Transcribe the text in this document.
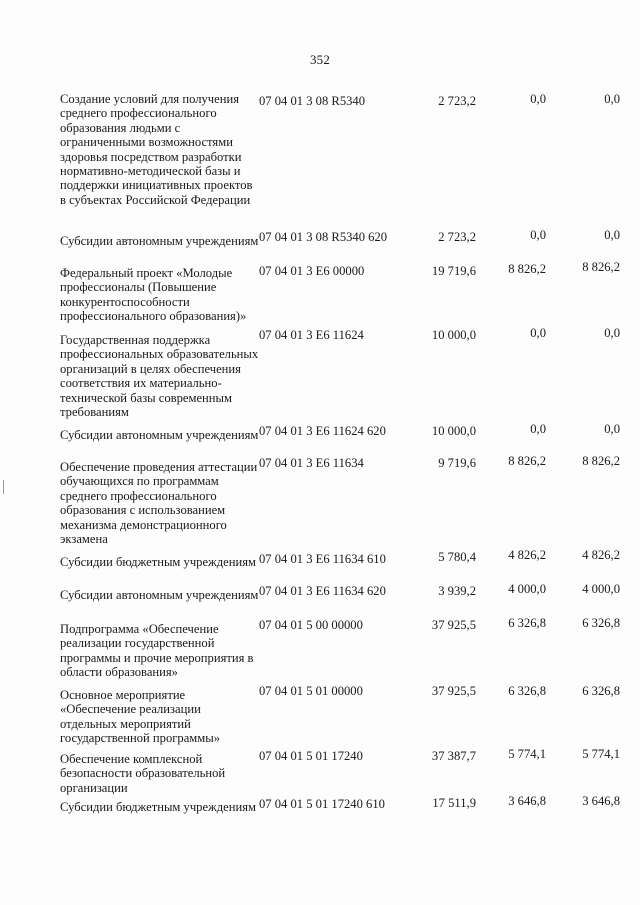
352
Создание условий для получения среднего профессионального образования людьми с ограниченными возможностями здоровья посредством разработки нормативно-методической базы и поддержки инициативных проектов в субъектах Российской Федерации
07 04 01 3 08 R5340	2 723,2	0,0	0,0
Субсидии автономным учреждениям 07 04 01 3 08 R5340 620	2 723,2	0,0	0,0
Федеральный проект «Молодые профессионалы (Повышение конкурентоспособности профессионального образования)»
07 04 01 3 E6 00000	19 719,6	8 826,2	8 826,2
Государственная поддержка профессиональных образовательных организаций в целях обеспечения соответствия их материально-технической базы современным требованиям
07 04 01 3 E6 11624	10 000,0	0,0	0,0
Субсидии автономным учреждениям 07 04 01 3 E6 11624 620	10 000,0	0,0	0,0
Обеспечение проведения аттестации обучающихся по программам среднего профессионального образования с использованием механизма демонстрационного экзамена
07 04 01 3 E6 11634	9 719,6	8 826,2	8 826,2
Субсидии бюджетным учреждениям 07 04 01 3 E6 11634 610	5 780,4	4 826,2	4 826,2
Субсидии автономным учреждениям 07 04 01 3 E6 11634 620	3 939,2	4 000,0	4 000,0
Подпрограмма «Обеспечение реализации государственной программы и прочие мероприятия в области образования»
07 04 01 5 00 00000	37 925,5	6 326,8	6 326,8
Основное мероприятие «Обеспечение реализации отдельных мероприятий государственной программы»
07 04 01 5 01 00000	37 925,5	6 326,8	6 326,8
Обеспечение комплексной безопасности образовательной организации
07 04 01 5 01 17240	37 387,7	5 774,1	5 774,1
Субсидии бюджетным учреждениям 07 04 01 5 01 17240 610	17 511,9	3 646,8	3 646,8
